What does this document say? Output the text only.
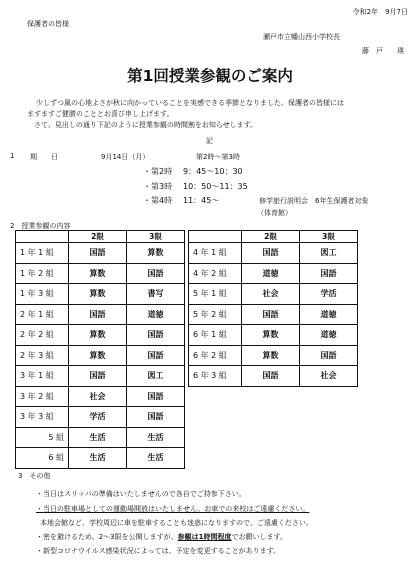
令和2年　9月7日
保護者の皆様
瀬戸市立幡山西小学校長
藤　戸　　瑛
第1回授業参観のご案内
少しずつ風の心地よさが秋に向かっていることを実感できる季節となりました。保護者の皆様には
ますますご健勝のこととお喜び申し上げます。
さて、見出しの通り下記のように授業参観の時間割をお知らせします。
記
1 期　　日	9月14日（月）	第2時～第3時
・第2時 9：45～10：30
・第3時 10：50～11：35
・第4時 11：45～	修学旅行説明会　6年生保護者対象
（体育館）
2　授業参観の内容
	2限	3限
1 年 1 組	国語	算数
1 年 2 組	算数	国語
1 年 3 組	算数	書写
2 年 1 組	国語	道徳
2 年 2 組	算数	国語
2 年 3 組	算数	国語
3 年 1 組	国語	図工
3 年 2 組	社会	国語
3 年 3 組	学活	国語
5 組	生活	生活
6 組	生活	生活
	2限	3限
4 年 1 組	国語	図工
4 年 2 組	道徳	国語
5 年 1 組	社会	学活
5 年 2 組	国語	道徳
6 年 1 組	算数	道徳
6 年 2 組	算数	国語
6 年 3 組	国語	社会
3　その他
・当日はスリッパの準備はいたしませんので各自でご持参下さい。
・当日の駐車場としての運動場開放はいたしません。お車での来校はご遠慮ください。
本地会館など、学校周辺に車を駐車することも迷惑になりますので、ご遠慮ください。
・密を避けるため、2～3限を公開しますが、参観は1時間程度でお願いします。
・新型コロナウイルス感染状況によっては、予定を変更することがあります。
